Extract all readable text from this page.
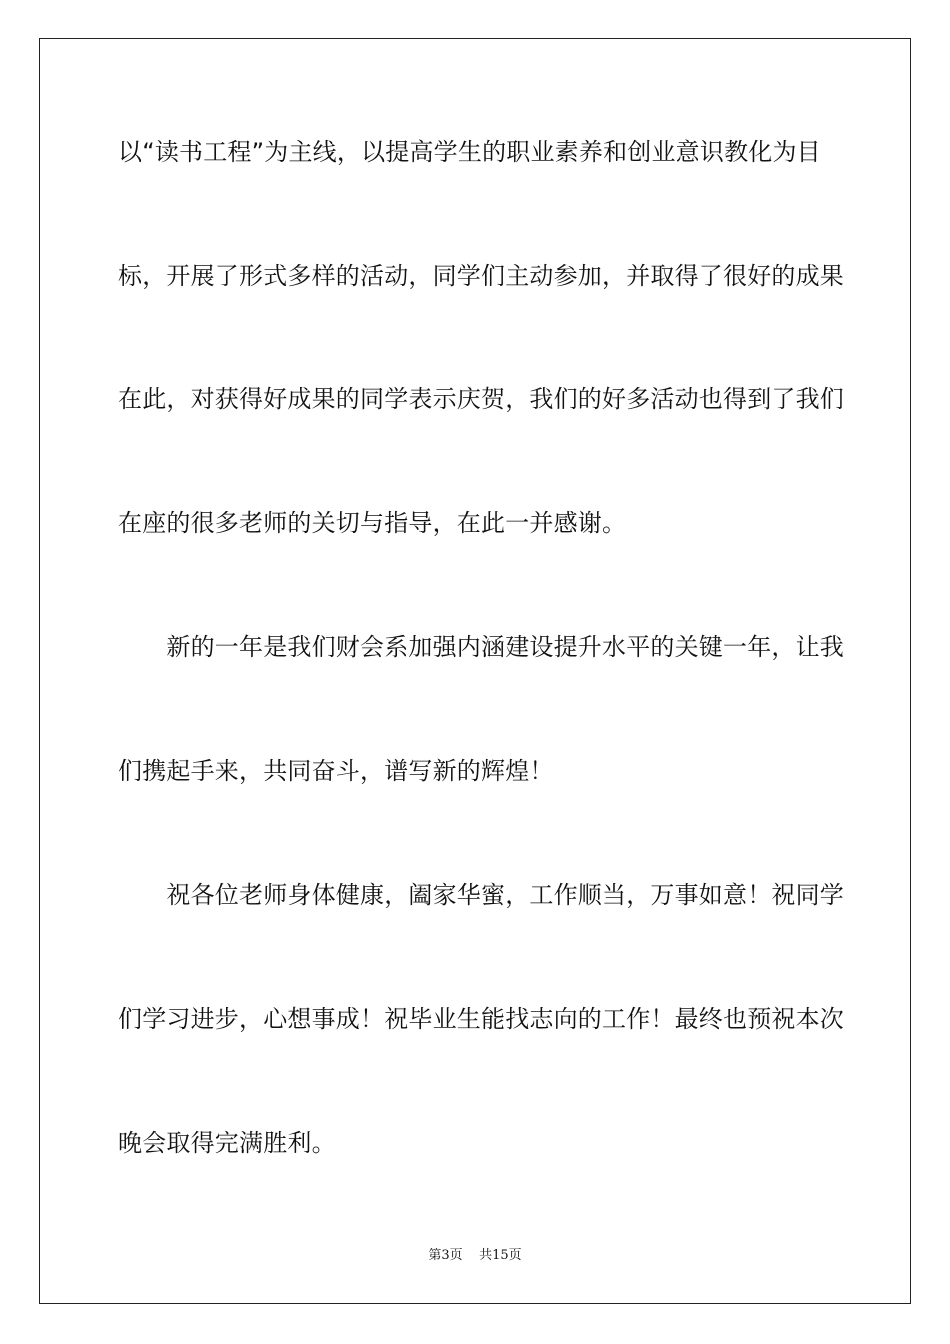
以“读书工程”为主线，以提高学生的职业素养和创业意识教化为目
标，开展了形式多样的活动，同学们主动参加，并取得了很好的成果
在此，对获得好成果的同学表示庆贺，我们的好多活动也得到了我们
在座的很多老师的关切与指导，在此一并感谢。
　　新的一年是我们财会系加强内涵建设提升水平的关键一年，让我
们携起手来，共同奋斗，谱写新的辉煌！
　　祝各位老师身体健康，阖家华蜜，工作顺当，万事如意！祝同学
们学习进步，心想事成！祝毕业生能找志向的工作！最终也预祝本次
晚会取得完满胜利。
第3页 共15页
